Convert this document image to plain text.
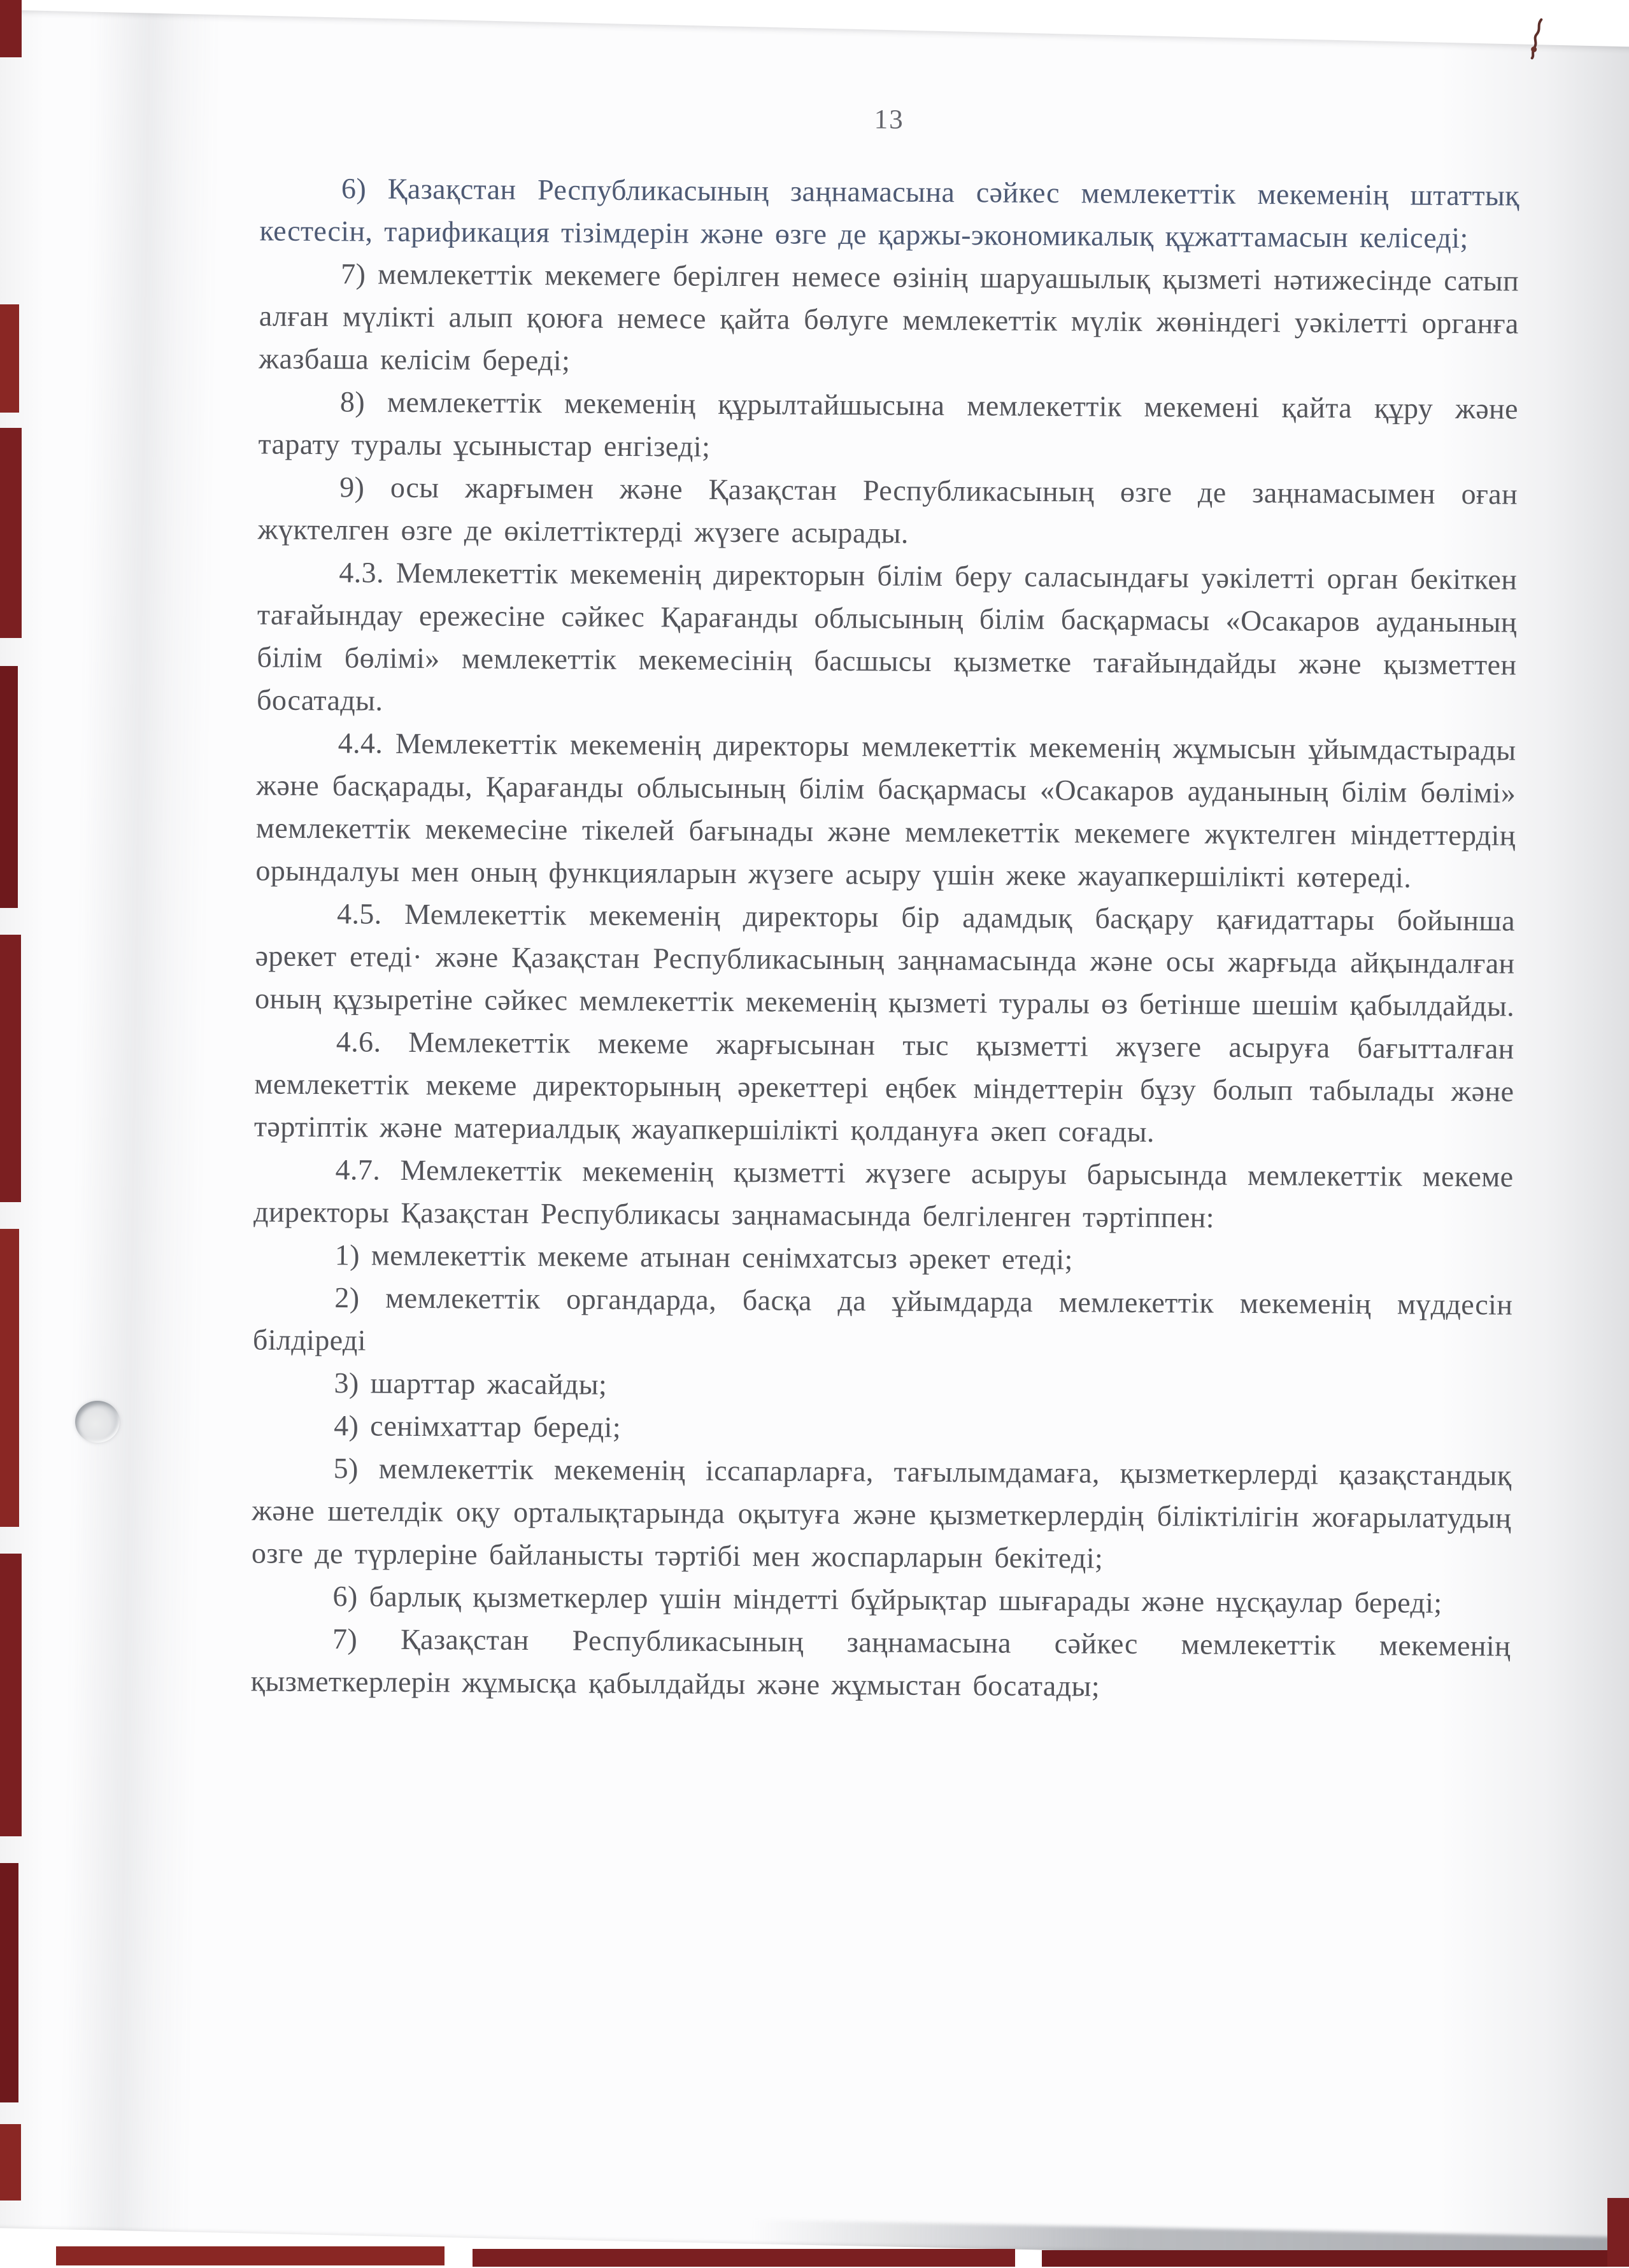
13

6) Қазақстан Республикасының заңнамасына сәйкес мемлекеттік мекеменің штаттық кестесін, тарификация тізімдерін және өзге де қаржы-экономикалық құжаттамасын келіседі;

7) мемлекеттік мекемеге берілген немесе өзінің шаруашылық қызметі нәтижесінде сатып алған мүлікті алып қоюға немесе қайта бөлуге мемлекеттік мүлік жөніндегі уәкілетті органға жазбаша келісім береді;

8) мемлекеттік мекеменің құрылтайшысына мемлекеттік мекемені қайта құру және тарату туралы ұсыныстар енгізеді;

9) осы жарғымен және Қазақстан Республикасының өзге де заңнамасымен оған жүктелген өзге де өкілеттіктерді жүзеге асырады.

4.3. Мемлекеттік мекеменің директорын білім беру саласындағы уәкілетті орган бекіткен тағайындау ережесіне сәйкес Қарағанды облысының білім басқармасы «Осакаров ауданының білім бөлімі» мемлекеттік мекемесінің басшысы қызметке тағайындайды және қызметтен босатады.

4.4. Мемлекеттік мекеменің директоры мемлекеттік мекеменің жұмысын ұйымдастырады және басқарады, Қарағанды облысының білім басқармасы «Осакаров ауданының білім бөлімі» мемлекеттік мекемесіне тікелей бағынады және мемлекеттік мекемеге жүктелген міндеттердің орындалуы мен оның функцияларын жүзеге асыру үшін жеке жауапкершілікті көтереді.

4.5. Мемлекеттік мекеменің директоры бір адамдық басқару қағидаттары бойынша әрекет етеді· және Қазақстан Республикасының заңнамасында және осы жарғыда айқындалған оның құзыретіне сәйкес мемлекеттік мекеменің қызметі туралы өз бетінше шешім қабылдайды.

4.6. Мемлекеттік мекеме жарғысынан тыс қызметті жүзеге асыруға бағытталған мемлекеттік мекеме директорының әрекеттері еңбек міндеттерін бұзу болып табылады және тәртіптік және материалдық жауапкершілікті қолдануға әкеп соғады.

4.7. Мемлекеттік мекеменің қызметті жүзеге асыруы барысында мемлекеттік мекеме директоры Қазақстан Республикасы заңнамасында белгіленген тәртіппен:

1) мемлекеттік мекеме атынан сенімхатсыз әрекет етеді;

2) мемлекеттік органдарда, басқа да ұйымдарда мемлекеттік мекеменің мүддесін білдіреді

3) шарттар жасайды;

4) сенімхаттар береді;

5) мемлекеттік мекеменің іссапарларға, тағылымдамаға, қызметкерлерді қазақстандық және шетелдік оқу орталықтарында оқытуға және қызметкерлердің біліктілігін жоғарылатудың озге де түрлеріне байланысты тәртібі мен жоспарларын бекітеді;

6) барлық қызметкерлер үшін міндетті бұйрықтар шығарады және нұсқаулар береді;

7) Қазақстан Республикасының заңнамасына сәйкес мемлекеттік мекеменің қызметкерлерін жұмысқа қабылдайды және жұмыстан босатады;
